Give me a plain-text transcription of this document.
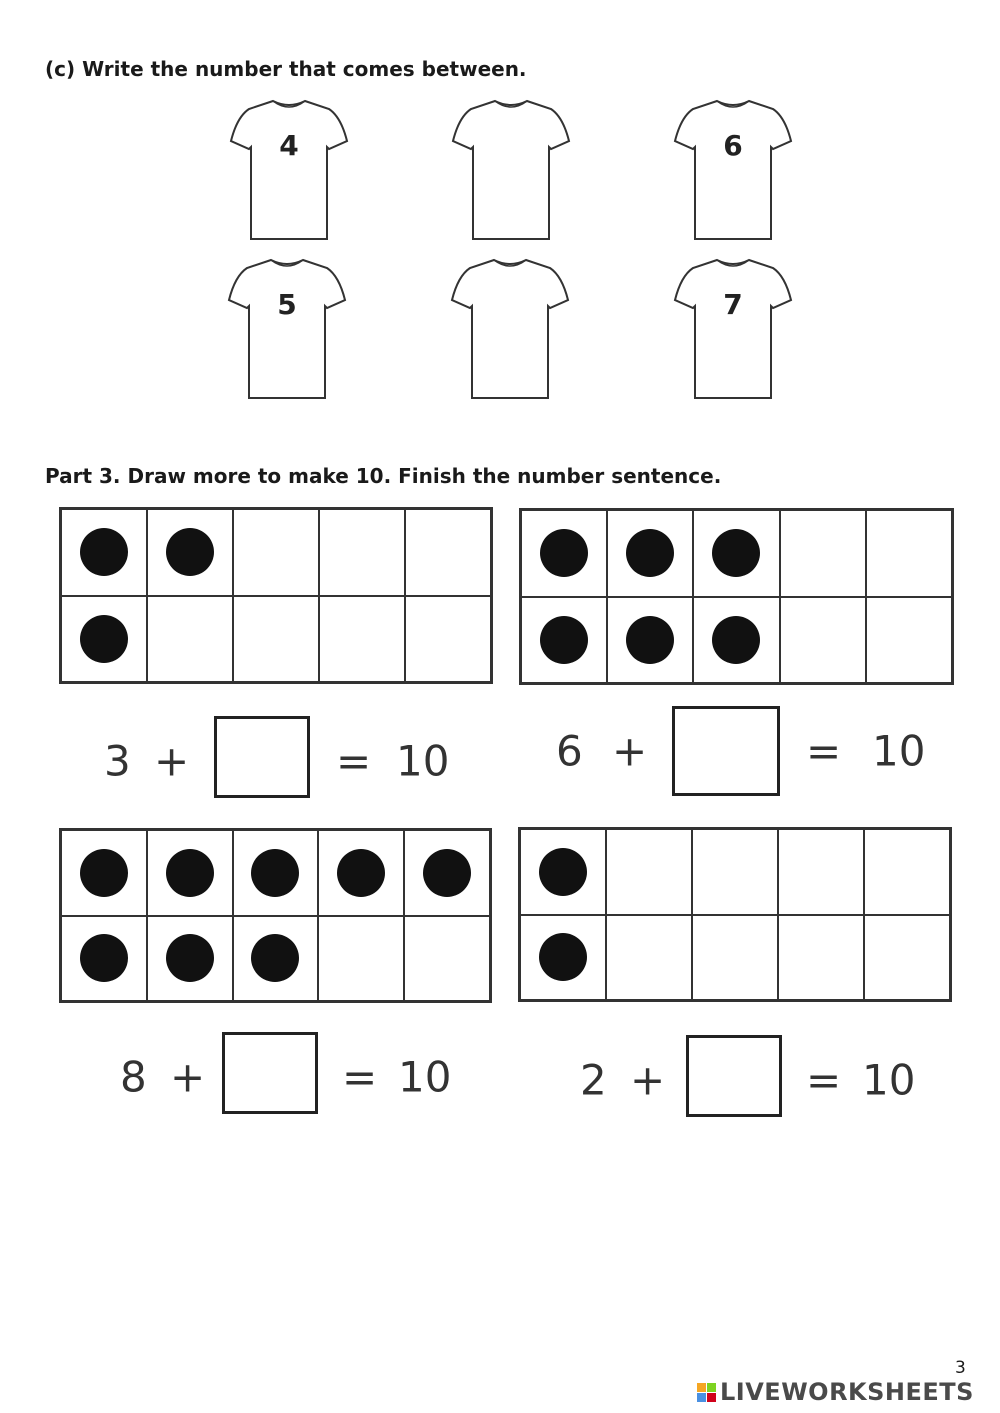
(c) Write the number that comes between.
4	6
5	7
Part 3. Draw more to make 10. Finish the number sentence.
3 +	= 10	6 +	= 10
8 +	= 10	2 +	= 10
3
LIVEWORKSHEETS
